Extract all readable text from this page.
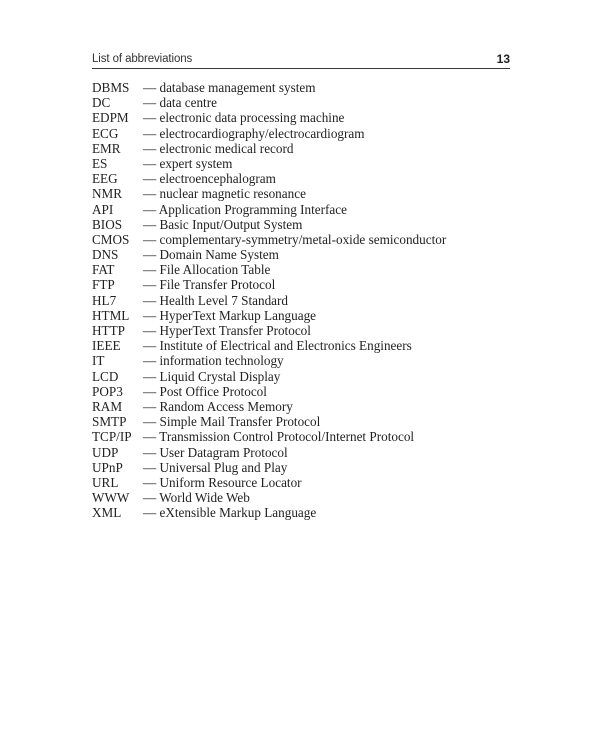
List of abbreviations	13
DBMS — database management system
DC — data centre
EDPM — electronic data processing machine
ECG — electrocardiography/electrocardiogram
EMR — electronic medical record
ES	— expert system
EEG — electroencephalogram
NMR — nuclear magnetic resonance
API — Application Programming Interface
BIOS — Basic Input/Output System
CMOS — complementary-symmetry/metal-oxide semiconductor
DNS — Domain Name System
FAT — File Allocation Table
FTP — File Transfer Protocol
HL7 — Health Level 7 Standard
HTML — HyperText Markup Language
HTTP — HyperText Transfer Protocol
IEEE — Institute of Electrical and Electronics Engineers
IT	— information technology
LCD — Liquid Crystal Display
POP3 — Post Office Protocol
RAM — Random Access Memory
SMTP — Simple Mail Transfer Protocol
TCP/IP — Transmission Control Protocol/Internet Protocol
UDP — User Datagram Protocol
UPnP — Universal Plug and Play
URL — Uniform Resource Locator
WWW — World Wide Web
XML — eXtensible Markup Language
